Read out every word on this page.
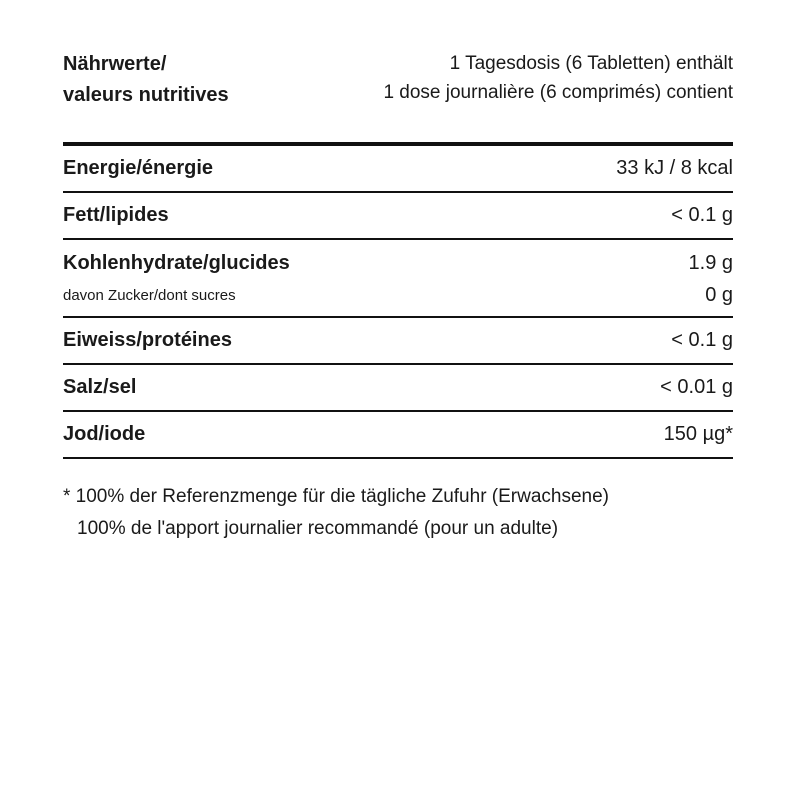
Nährwerte/
valeurs nutritives
1 Tagesdosis (6 Tabletten) enthält
1 dose journalière (6 comprimés) contient
Energie/énergie	33 kJ / 8 kcal
Fett/lipides	< 0.1 g
Kohlenhydrate/glucides	1.9 g
davon Zucker/dont sucres	0 g
Eiweiss/protéines	< 0.1 g
Salz/sel	< 0.01 g
Jod/iode	150 µg*
* 100% der Referenzmenge für die tägliche Zufuhr (Erwachsene)
100% de l'apport journalier recommandé (pour un adulte)
